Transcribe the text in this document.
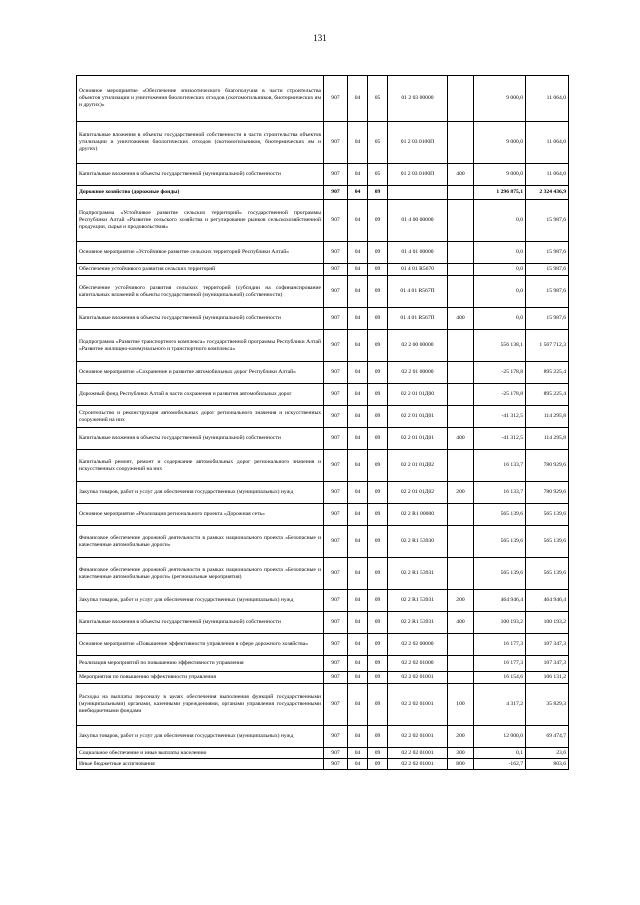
131
Основное мероприятие «Обеспечение эпизоотического благополучия в части строительства объектов утилизации и уничтожения биологических отходов (скотомогильников, биотермических ям и других)»	907	04	05	01 2 03 00000		9 000,0	11 064,0
Капитальные вложения в объекты государственной собственности в части строительства объектов утилизации и уничтожения биологических отходов (скотомогильников, биотермических ям и других)	907	04	05	01 2 03 0100П		9 000,0	11 064,0
Капитальные вложения в объекты государственной (муниципальной) собственности	907	04	05	01 2 03 0100П	400	9 000,0	11 064,0
Дорожное хозяйство (дорожные фонды)	907	04	09			1 296 875,1	2 324 436,9
Подпрограмма «Устойчивое развитие сельских территорий» государственной программы Республики Алтай «Развитие сельского хозяйства и регулирование рынков сельскохозяйственной продукции, сырья и продовольствия»	907	04	09	01 4 00 00000		0,0	15 987,6
Основное мероприятие «Устойчивое развитие сельских территорий Республики Алтай»	907	04	09	01 4 01 00000		0,0	15 987,6
Обеспечение устойчивого развития сельских территорий	907	04	09	01 4 01 R5670		0,0	15 987,6
Обеспечение устойчивого развития сельских территорий (субсидии на софинансирование капитальных вложений в объекты государственной (муниципальной) собственности)	907	04	09	01 4 01 R567П		0,0	15 987,6
Капитальные вложения в объекты государственной (муниципальной) собственности	907	04	09	01 4 01 R567П	400	0,0	15 987,6
Подпрограмма «Развитие транспортного комплекса» государственной программы Республики Алтай «Развитие жилищно-коммунального и транспортного комплекса»	907	04	09	02 2 00 00000		556 138,1	1 567 712,3
Основное мероприятие «Сохранение и развитие автомобильных дорог Республики Алтай»	907	04	09	02 2 01 00000		-25 178,8	895 225,4
Дорожный фонд Республики Алтай в части сохранения и развития автомобильных дорог	907	04	09	02 2 01 01Д00		-25 178,8	895 225,4
Строительство и реконструкция автомобильных дорог регионального значения и искусственных сооружений на них	907	04	09	02 2 01 01Д01		-41 312,5	114 295,8
Капитальные вложения в объекты государственной (муниципальной) собственности	907	04	09	02 2 01 01Д01	400	-41 312,5	114 295,8
Капитальный ремонт, ремонт и содержание автомобильных дорог регионального значения и искусственных сооружений на них	907	04	09	02 2 01 01Д02		16 133,7	780 929,6
Закупка товаров, работ и услуг для обеспечения государственных (муниципальных) нужд	907	04	09	02 2 01 01Д02	200	16 133,7	780 929,6
Основное мероприятие «Реализация регионального проекта «Дорожная сеть»	907	04	09	02 2 R1 00000		565 139,6	565 139,6
Финансовое обеспечение дорожной деятельности в рамках национального проекта «Безопасные и качественные автомобильные дороги»	907	04	09	02 2 R1 53930		565 139,6	565 139,6
Финансовое обеспечение дорожной деятельности в рамках национального проекта «Безопасные и качественные автомобильные дороги» (региональные мероприятия)	907	04	09	02 2 R1 53931		565 139,6	565 139,6
Закупка товаров, работ и услуг для обеспечения государственных (муниципальных) нужд	907	04	09	02 2 R1 53931	200	464 946,4	464 946,4
Капитальные вложения в объекты государственной (муниципальной) собственности	907	04	09	02 2 R1 53931	400	100 193,2	100 193,2
Основное мероприятие «Повышение эффективности управления в сфере дорожного хозяйства»	907	04	09	02 2 02 00000		16 177,3	107 347,3
Реализация мероприятий по повышению эффективности управления	907	04	09	02 2 02 01000		16 177,3	107 347,3
Мероприятия по повышению эффективности управления	907	04	09	02 2 02 01001		16 154,6	106 131,2
Расходы на выплаты персоналу в целях обеспечения выполнения функций государственными (муниципальными) органами, казенными учреждениями, органами управления государственными внебюджетными фондами	907	04	09	02 2 02 01001	100	4 317,2	35 829,3
Закупка товаров, работ и услуг для обеспечения государственных (муниципальных) нужд	907	04	09	02 2 02 01001	200	12 000,0	69 474,7
Социальное обеспечение и иные выплаты населению	907	04	09	02 2 02 01001	300	0,1	23,6
Иные бюджетные ассигнования	907	04	09	02 2 02 01001	800	-162,7	803,6
